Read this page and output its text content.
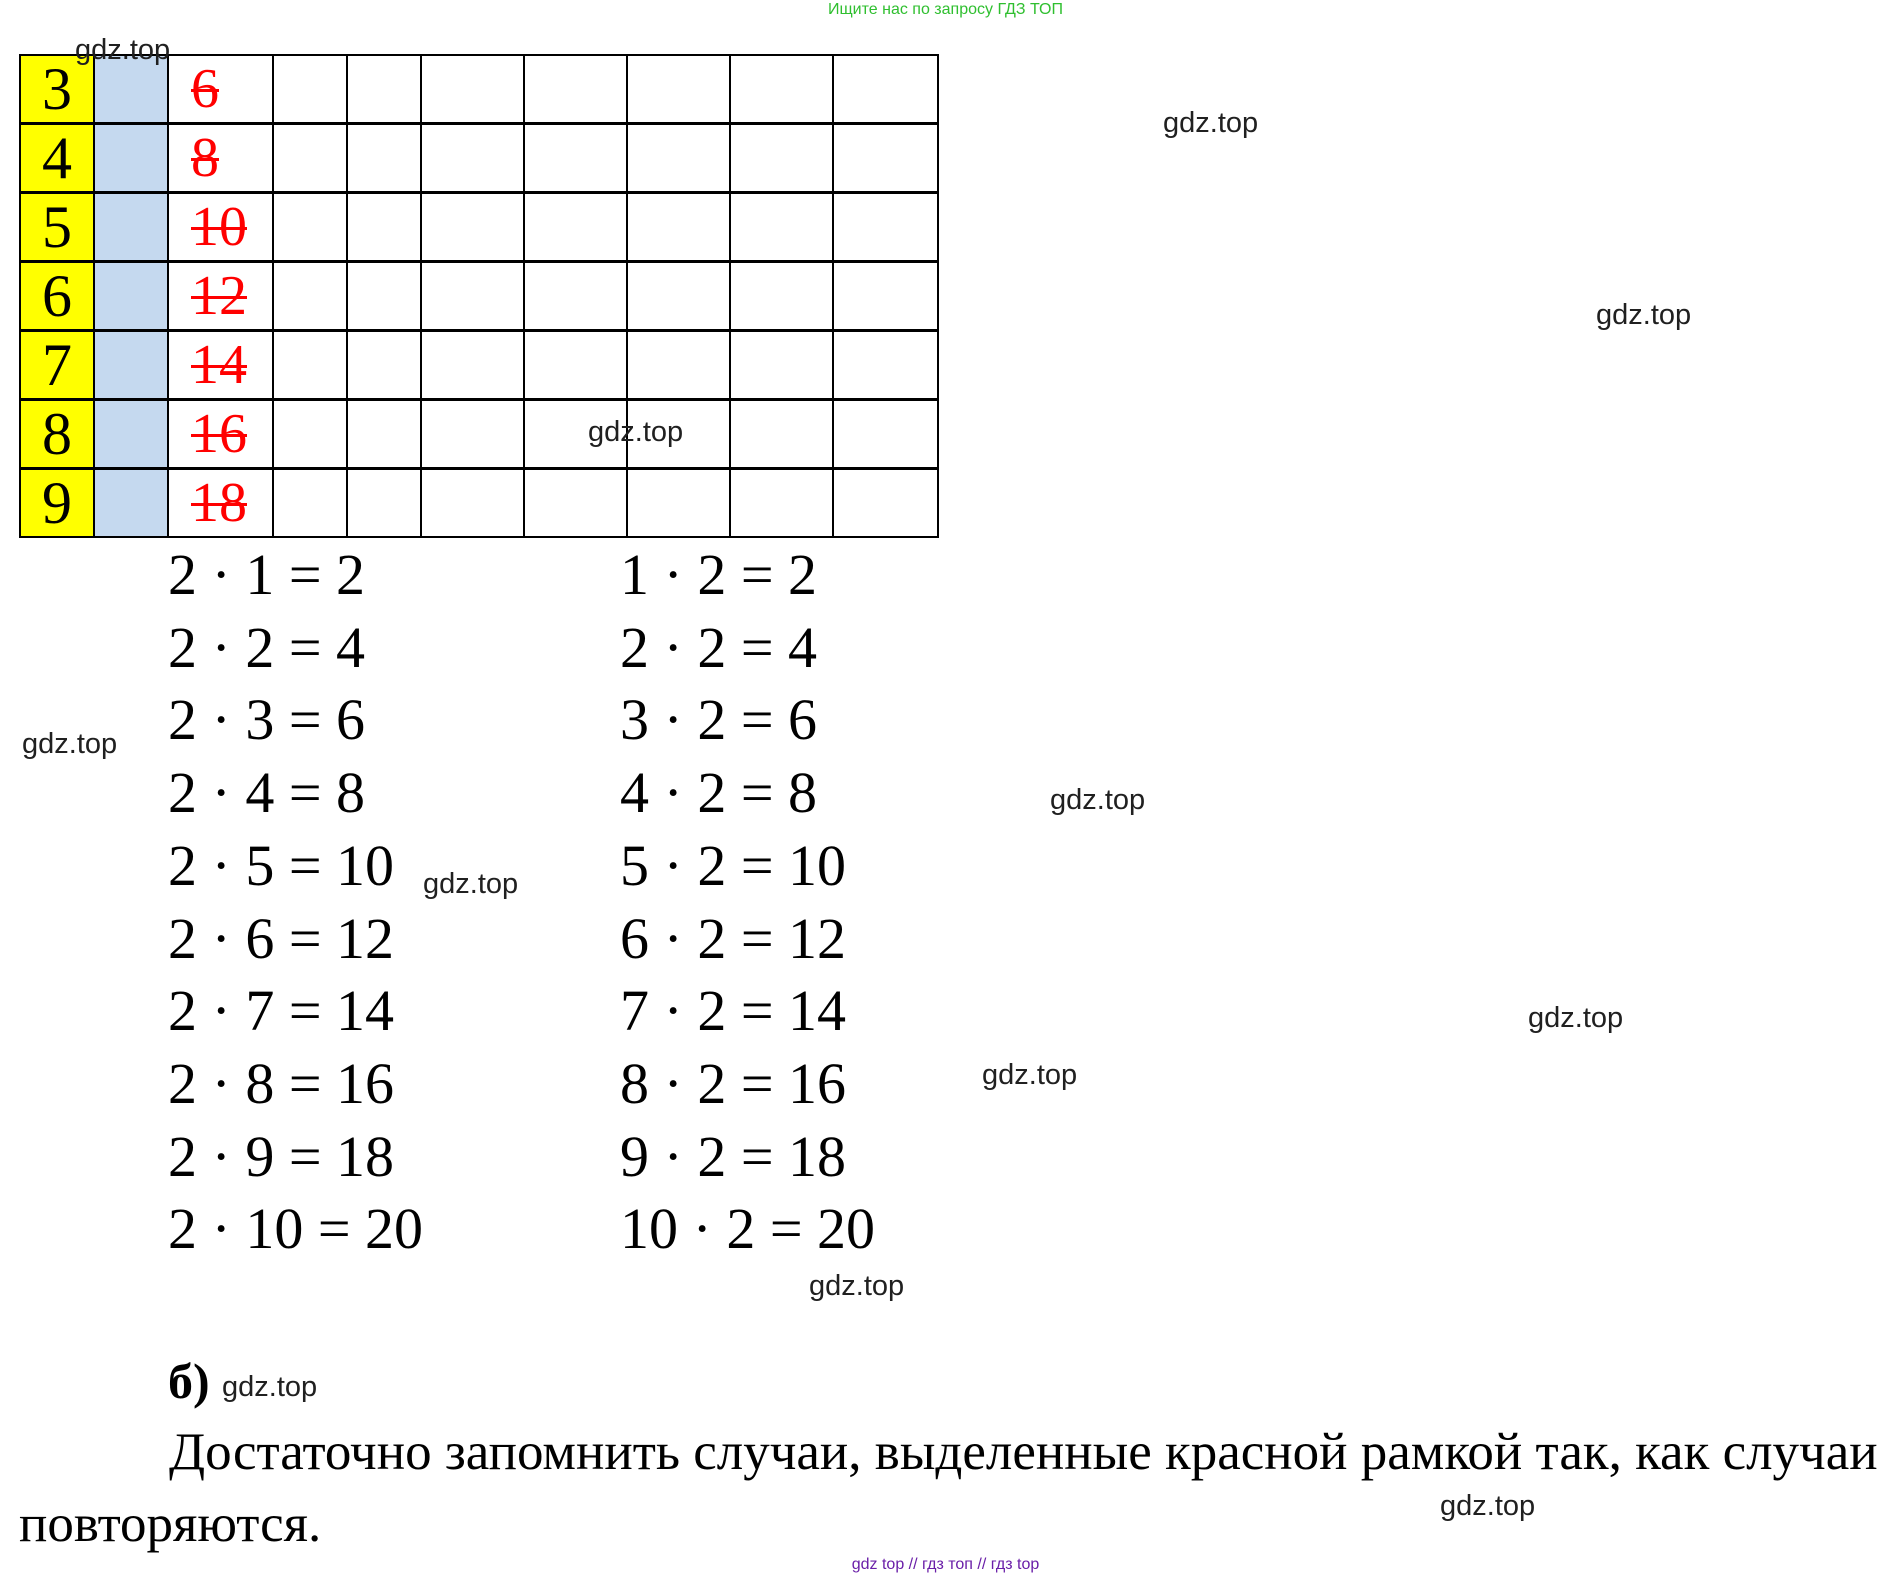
Ищите нас по запросу ГДЗ ТОП
3	6
4	8
5	10
6	12
7	14
8	16
9	18
2 · 1 = 2
2 · 2 = 4
2 · 3 = 6
2 · 4 = 8
2 · 5 = 10
2 · 6 = 12
2 · 7 = 14
2 · 8 = 16
2 · 9 = 18
2 · 10 = 20
1 · 2 = 2
2 · 2 = 4
3 · 2 = 6
4 · 2 = 8
5 · 2 = 10
6 · 2 = 12
7 · 2 = 14
8 · 2 = 16
9 · 2 = 18
10 · 2 = 20
б)
Достаточно запомнить случаи, выделенные красной рамкой так, как случаи повторяются.
gdz.top
gdz.top
gdz.top
gdz.top
gdz.top
gdz.top
gdz.top
gdz.top
gdz.top
gdz.top
gdz.top
gdz.top
gdz top // гдз топ // гдз top
